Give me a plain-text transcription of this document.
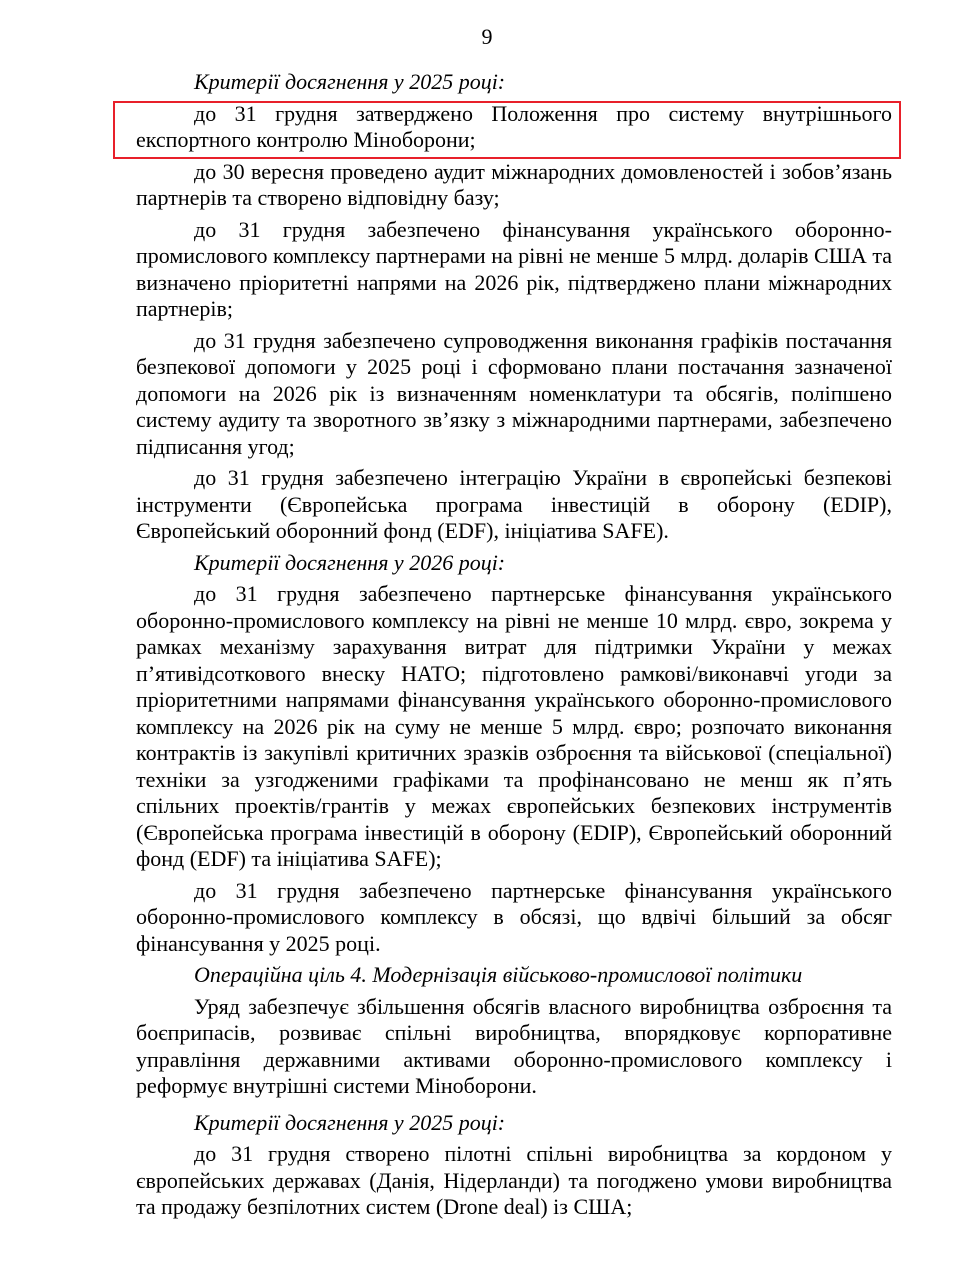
9

Критерії досягнення у 2025 році:

до 31 грудня затверджено Положення про систему внутрішнього експортного контролю Міноборони;

до 30 вересня проведено аудит міжнародних домовленостей і зобов’язань партнерів та створено відповідну базу;

до 31 грудня забезпечено фінансування українського оборонно-промислового комплексу партнерами на рівні не менше 5 млрд. доларів США та визначено пріоритетні напрями на 2026 рік, підтверджено плани міжнародних партнерів;

до 31 грудня забезпечено супроводження виконання графіків постачання безпекової допомоги у 2025 році і сформовано плани постачання зазначеної допомоги на 2026 рік із визначенням номенклатури та обсягів, поліпшено систему аудиту та зворотного зв’язку з міжнародними партнерами, забезпечено підписання угод;

до 31 грудня забезпечено інтеграцію України в європейські безпекові інструменти (Європейська програма інвестицій в оборону (EDIP), Європейський оборонний фонд (EDF), ініціатива SAFE).

Критерії досягнення у 2026 році:

до 31 грудня забезпечено партнерське фінансування українського оборонно-промислового комплексу на рівні не менше 10 млрд. євро, зокрема у рамках механізму зарахування витрат для підтримки України у межах п’ятивідсоткового внеску НАТО; підготовлено рамкові/виконавчі угоди за пріоритетними напрямами фінансування українського оборонно-промислового комплексу на 2026 рік на суму не менше 5 млрд. євро; розпочато виконання контрактів із закупівлі критичних зразків озброєння та військової (спеціальної) техніки за узгодженими графіками та профінансовано не менш як п’ять спільних проектів/грантів у межах європейських безпекових інструментів (Європейська програма інвестицій в оборону (EDIP), Європейський оборонний фонд (EDF) та ініціатива SAFE);

до 31 грудня забезпечено партнерське фінансування українського оборонно-промислового комплексу в обсязі, що вдвічі більший за обсяг фінансування у 2025 році.

Операційна ціль 4. Модернізація військово-промислової політики

Уряд забезпечує збільшення обсягів власного виробництва озброєння та боєприпасів, розвиває спільні виробництва, впорядковує корпоративне управління державними активами оборонно-промислового комплексу і реформує внутрішні системи Міноборони.

Критерії досягнення у 2025 році:

до 31 грудня створено пілотні спільні виробництва за кордоном у європейських державах (Данія, Нідерланди) та погоджено умови виробництва та продажу безпілотних систем (Drone deal) із США;
